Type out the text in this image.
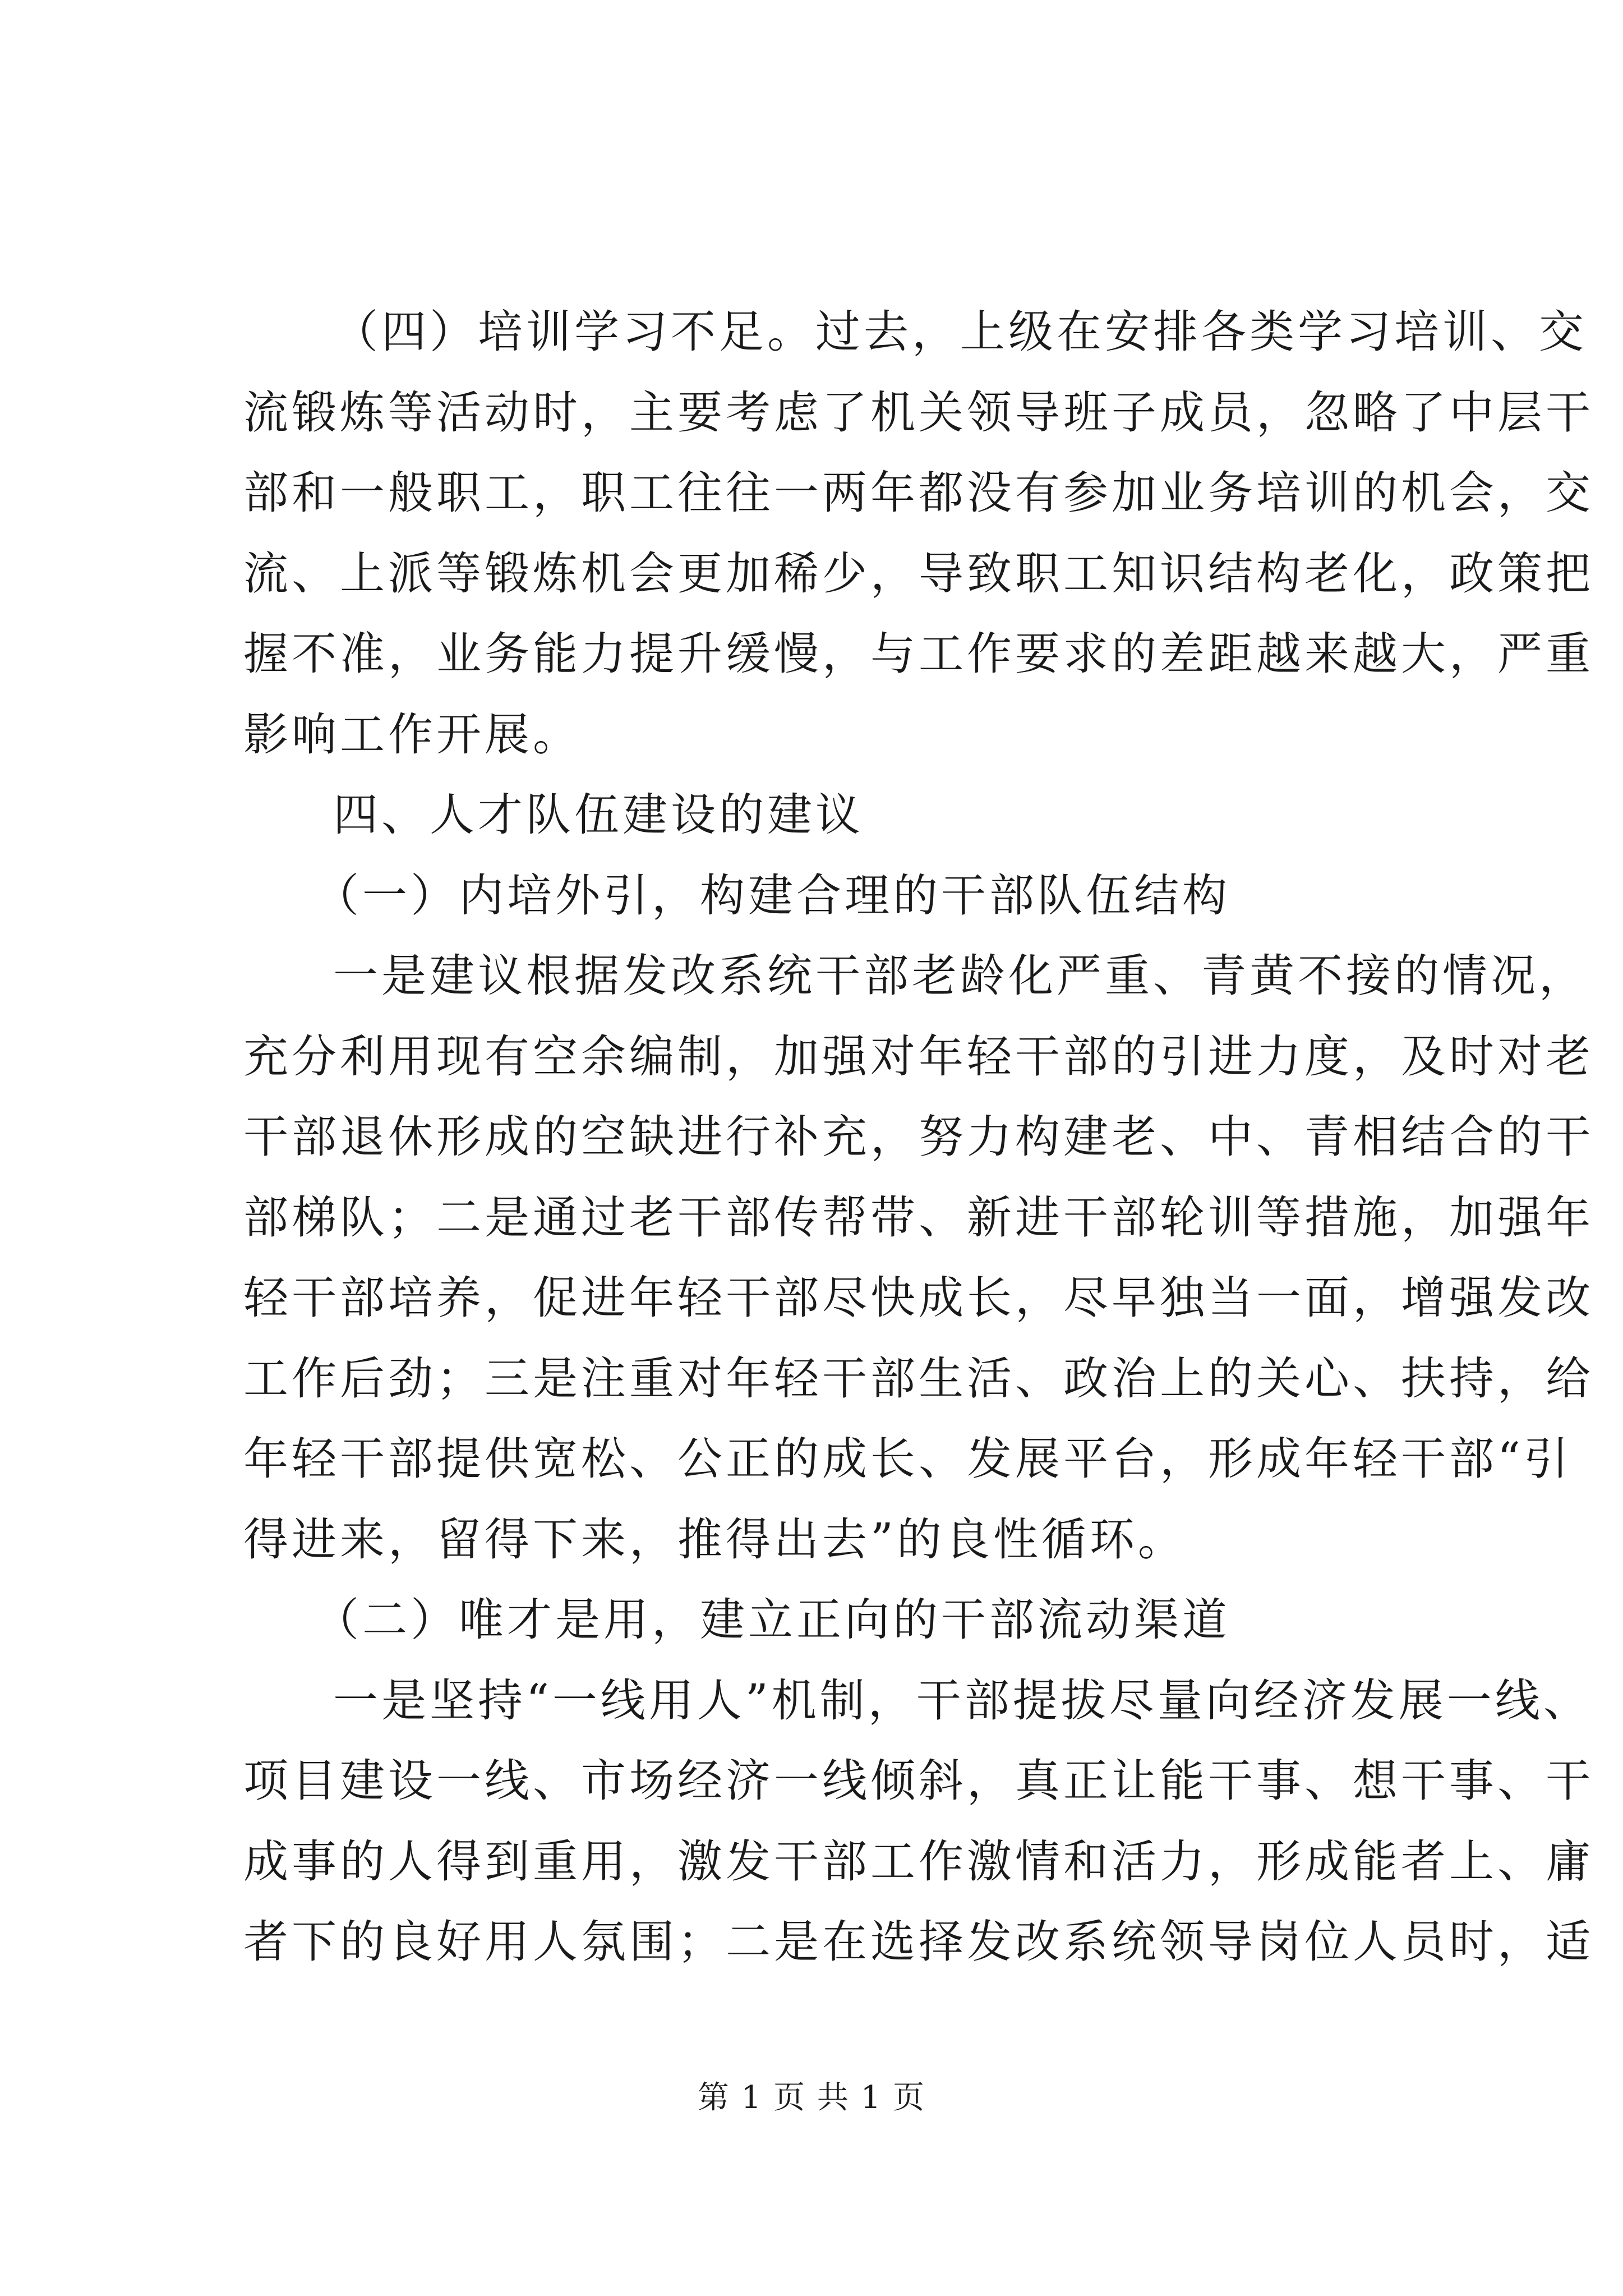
（四）培训学习不足。过去，上级在安排各类学习培训、交
流锻炼等活动时，主要考虑了机关领导班子成员，忽略了中层干
部和一般职工，职工往往一两年都没有参加业务培训的机会，交
流、上派等锻炼机会更加稀少，导致职工知识结构老化，政策把
握不准，业务能力提升缓慢，与工作要求的差距越来越大，严重
影响工作开展。
四、人才队伍建设的建议
（一）内培外引，构建合理的干部队伍结构
一是建议根据发改系统干部老龄化严重、青黄不接的情况，
充分利用现有空余编制，加强对年轻干部的引进力度，及时对老
干部退休形成的空缺进行补充，努力构建老、中、青相结合的干
部梯队；二是通过老干部传帮带、新进干部轮训等措施，加强年
轻干部培养，促进年轻干部尽快成长，尽早独当一面，增强发改
工作后劲；三是注重对年轻干部生活、政治上的关心、扶持，给
年轻干部提供宽松、公正的成长、发展平台，形成年轻干部“引
得进来，留得下来，推得出去”的良性循环。
（二）唯才是用，建立正向的干部流动渠道
一是坚持“一线用人”机制，干部提拔尽量向经济发展一线、
项目建设一线、市场经济一线倾斜，真正让能干事、想干事、干
成事的人得到重用，激发干部工作激情和活力，形成能者上、庸
者下的良好用人氛围；二是在选择发改系统领导岗位人员时，适
第 1 页 共 1 页
